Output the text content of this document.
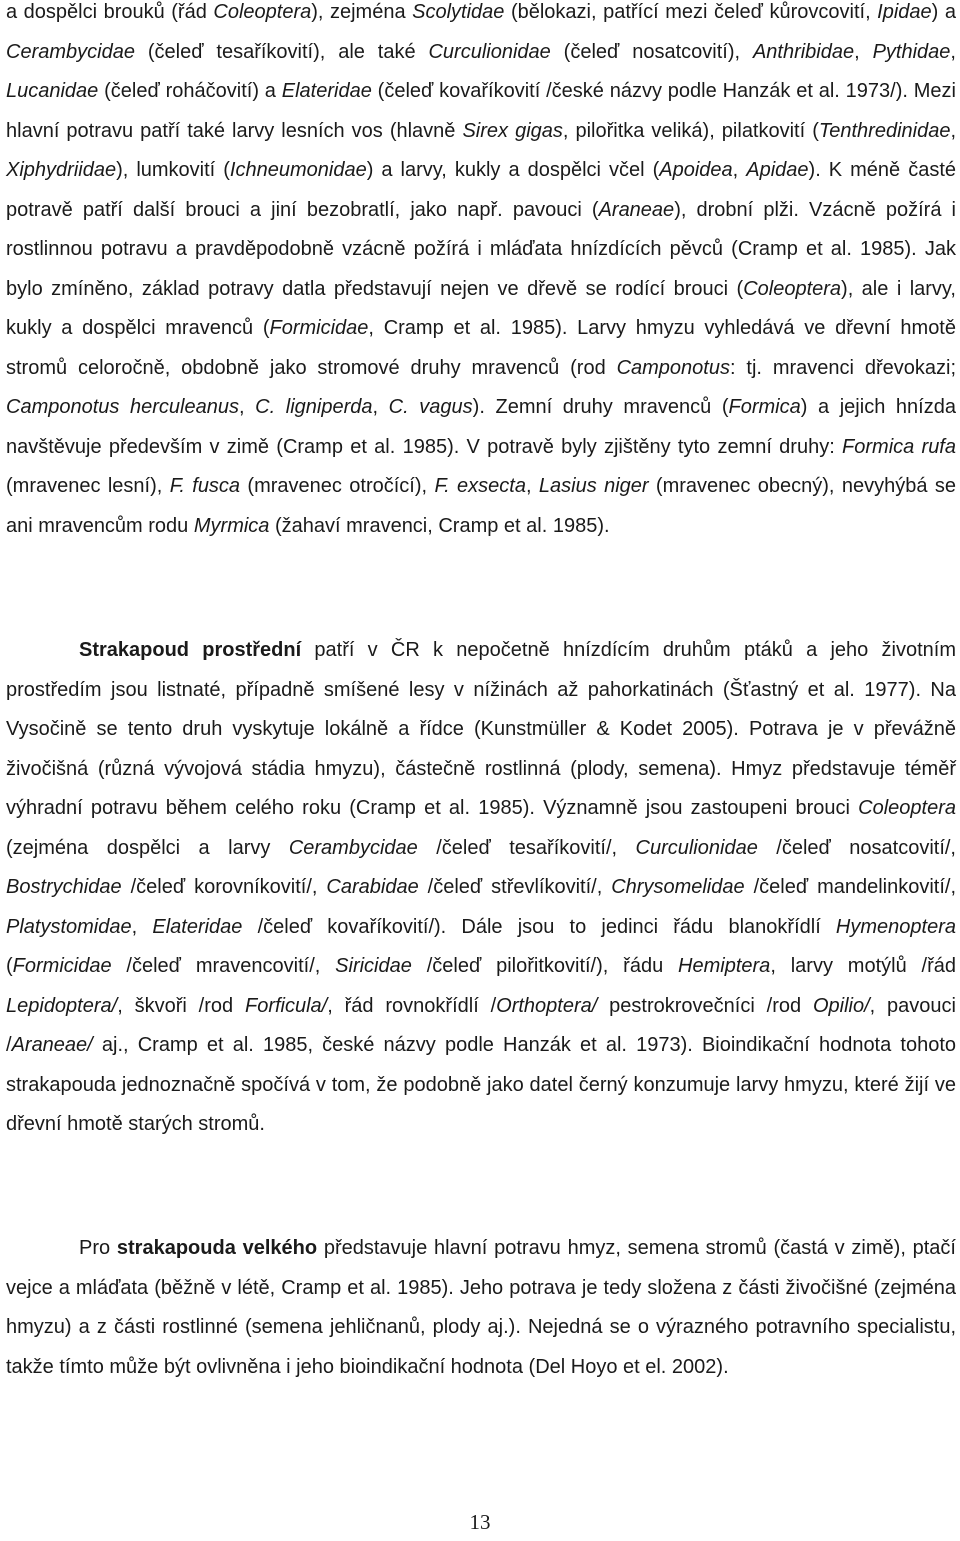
a dospělci brouků (řád Coleoptera), zejména Scolytidae (bělokazi, patřící mezi čeleď kůrovcovití, Ipidae) a Cerambycidae (čeleď tesaříkovití), ale také Curculionidae (čeleď nosatcovití), Anthribidae, Pythidae, Lucanidae (čeleď roháčovití) a Elateridae (čeleď kovaříkovití /české názvy podle Hanzák et al. 1973/). Mezi hlavní potravu patří také larvy lesních vos (hlavně Sirex gigas, pilořitka veliká), pilatkovití (Tenthredinidae, Xiphydriidae), lumkovití (Ichneumonidae) a larvy, kukly a dospělci včel (Apoidea, Apidae). K méně časté potravě patří další brouci a jiní bezobratlí, jako např. pavouci (Araneae), drobní plži. Vzácně požírá i rostlinnou potravu a pravděpodobně vzácně požírá i mláďata hnízdících pěvců (Cramp et al. 1985). Jak bylo zmíněno, základ potravy datla představují nejen ve dřevě se rodící brouci (Coleoptera), ale i larvy, kukly a dospělci mravenců (Formicidae, Cramp et al. 1985). Larvy hmyzu vyhledává ve dřevní hmotě stromů celoročně, obdobně jako stromové druhy mravenců (rod Camponotus: tj. mravenci dřevokazi; Camponotus herculeanus, C. ligniperda, C. vagus). Zemní druhy mravenců (Formica) a jejich hnízda navštěvuje především v zimě (Cramp et al. 1985). V potravě byly zjištěny tyto zemní druhy: Formica rufa (mravenec lesní), F. fusca (mravenec otročící), F. exsecta, Lasius niger (mravenec obecný), nevyhýbá se ani mravencům rodu Myrmica (žahaví mravenci, Cramp et al. 1985).

Strakapoud prostřední patří v ČR k nepočetně hnízdícím druhům ptáků a jeho životním prostředím jsou listnaté, případně smíšené lesy v nížinách až pahorkatinách (Šťastný et al. 1977). Na Vysočině se tento druh vyskytuje lokálně a řídce (Kunstmüller & Kodet 2005). Potrava je v převážně živočišná (různá vývojová stádia hmyzu), částečně rostlinná (plody, semena). Hmyz představuje téměř výhradní potravu během celého roku (Cramp et al. 1985). Významně jsou zastoupeni brouci Coleoptera (zejména dospělci a larvy Cerambycidae /čeleď tesaříkovití/, Curculionidae /čeleď nosatcovití/, Bostrychidae /čeleď korovníkovití/, Carabidae /čeleď střevlíkovití/, Chrysomelidae /čeleď mandelinkovití/, Platystomidae, Elateridae /čeleď kovaříkovití/). Dále jsou to jedinci řádu blanokřídlí Hymenoptera (Formicidae /čeleď mravencovití/, Siricidae /čeleď pilořitkovití/), řádu Hemiptera, larvy motýlů /řád Lepidoptera/, škvoři /rod Forficula/, řád rovnokřídlí /Orthoptera/ pestrokrovečníci /rod Opilio/, pavouci /Araneae/ aj., Cramp et al. 1985, české názvy podle Hanzák et al. 1973). Bioindikační hodnota tohoto strakapouda jednoznačně spočívá v tom, že podobně jako datel černý konzumuje larvy hmyzu, které žijí ve dřevní hmotě starých stromů.

Pro strakapouda velkého představuje hlavní potravu hmyz, semena stromů (častá v zimě), ptačí vejce a mláďata (běžně v létě, Cramp et al. 1985). Jeho potrava je tedy složena z části živočišné (zejména hmyzu) a z části rostlinné (semena jehličnanů, plody aj.). Nejedná se o výrazného potravního specialistu, takže tímto může být ovlivněna i jeho bioindikační hodnota (Del Hoyo et el. 2002).

13
